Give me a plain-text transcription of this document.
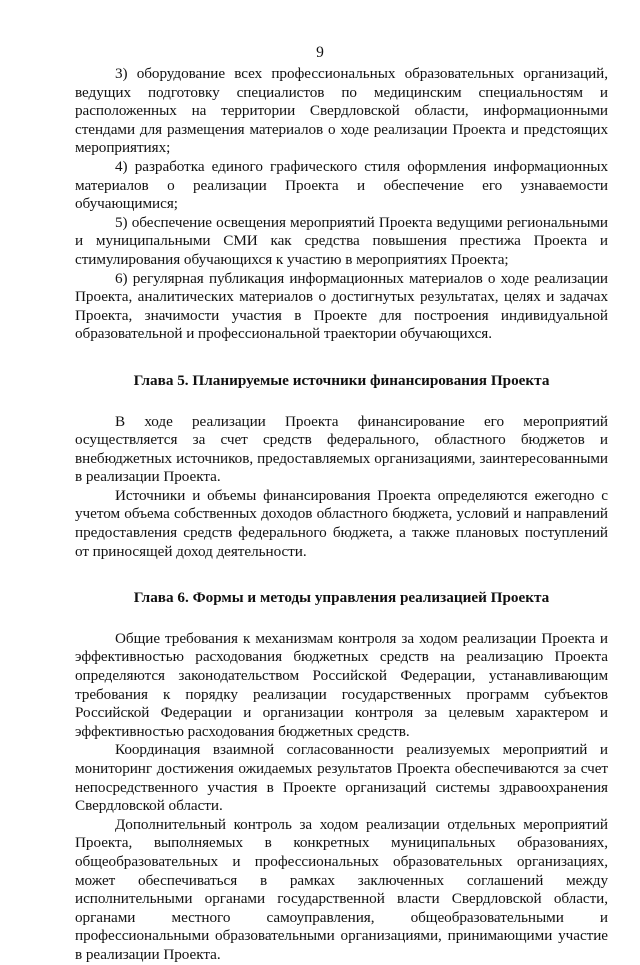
9

3) оборудование всех профессиональных образовательных организаций, ведущих подготовку специалистов по медицинским специальностям и расположенных на территории Свердловской области, информационными стендами для размещения материалов о ходе реализации Проекта и предстоящих мероприятиях;

4) разработка единого графического стиля оформления информационных материалов о реализации Проекта и обеспечение его узнаваемости обучающимися;

5) обеспечение освещения мероприятий Проекта ведущими региональными и муниципальными СМИ как средства повышения престижа Проекта и стимулирования обучающихся к участию в мероприятиях Проекта;

6) регулярная публикация информационных материалов о ходе реализации Проекта, аналитических материалов о достигнутых результатах, целях и задачах Проекта, значимости участия в Проекте для построения индивидуальной образовательной и профессиональной траектории обучающихся.

Глава 5. Планируемые источники финансирования Проекта

В ходе реализации Проекта финансирование его мероприятий осуществляется за счет средств федерального, областного бюджетов и внебюджетных источников, предоставляемых организациями, заинтересованными в реализации Проекта.

Источники и объемы финансирования Проекта определяются ежегодно с учетом объема собственных доходов областного бюджета, условий и направлений предоставления средств федерального бюджета, а также плановых поступлений от приносящей доход деятельности.

Глава 6. Формы и методы управления реализацией Проекта

Общие требования к механизмам контроля за ходом реализации Проекта и эффективностью расходования бюджетных средств на реализацию Проекта определяются законодательством Российской Федерации, устанавливающим требования к порядку реализации государственных программ субъектов Российской Федерации и организации контроля за целевым характером и эффективностью расходования бюджетных средств.

Координация взаимной согласованности реализуемых мероприятий и мониторинг достижения ожидаемых результатов Проекта обеспечиваются за счет непосредственного участия в Проекте организаций системы здравоохранения Свердловской области.

Дополнительный контроль за ходом реализации отдельных мероприятий Проекта, выполняемых в конкретных муниципальных образованиях, общеобразовательных и профессиональных образовательных организациях, может обеспечиваться в рамках заключенных соглашений между исполнительными органами государственной власти Свердловской области, органами местного самоуправления, общеобразовательными и профессиональными образовательными организациями, принимающими участие в реализации Проекта.
